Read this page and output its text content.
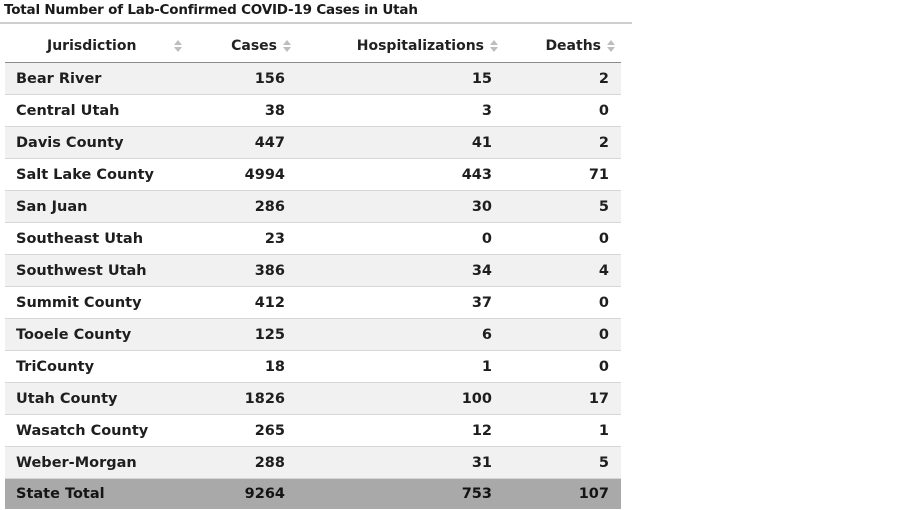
Total Number of Lab-Confirmed COVID-19 Cases in Utah
Jurisdiction	Cases	Hospitalizations	Deaths

Bear River	156	15	2
Central Utah	38	3	0
Davis County	447	41	2
Salt Lake County	4994	443	71
San Juan	286	30	5
Southeast Utah	23	0	0
Southwest Utah	386	34	4
Summit County	412	37	0
Tooele County	125	6	0
TriCounty	18	1	0
Utah County	1826	100	17
Wasatch County	265	12	1
Weber-Morgan	288	31	5
State Total	9264	753	107
